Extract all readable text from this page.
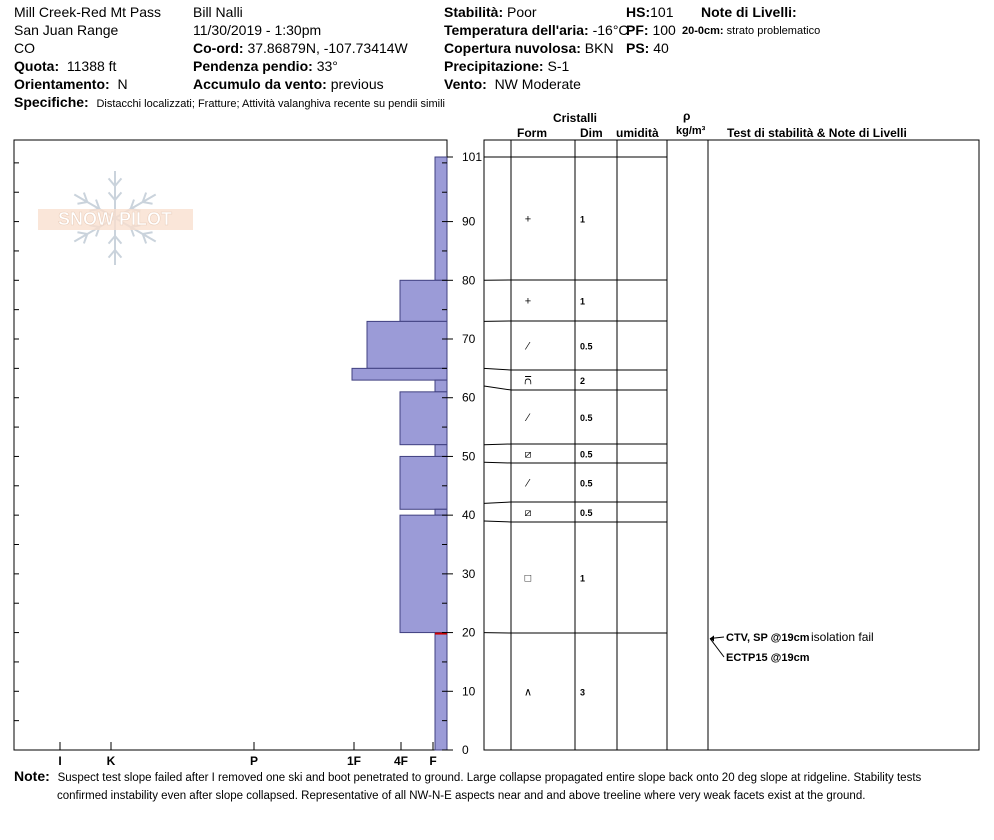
Mill Creek-Red Mt Pass
San Juan Range
CO
Quota: 11388 ft
Orientamento: N
Specifiche: Distacchi localizzati; Fratture; Attività valanghiva recente su pendii simili
Bill Nalli
11/30/2019 - 1:30pm
Co-ord: 37.86879N, -107.73414W
Pendenza pendio: 33°
Accumulo da vento: previous
Stabilità: Poor
Temperatura dell'aria: -16°C
Copertura nuvolosa: BKN
Precipitazione: S-1
Vento: NW Moderate
HS:101
PF: 100
PS: 40
Note di Livelli:
20-0cm: strato problematico
Cristalli
Form	Dim umidità
ρ
kg/m³ Test di stabilità & Note di Livelli
SNOW PILOT
I	K	P	1F	4F F
0
10
20
30
40
50
60
70
80
90
101
+	1
+	1
⁄	0.5
⩃	2
⁄	0.5
⧄	0.5
⁄	0.5
⧄	0.5
□	1
∧	3
CTV, SP @19cm isolation fail
ECTP15 @19cm
Note: Suspect test slope failed after I removed one ski and boot penetrated to ground. Large collapse propagated entire slope back onto 20 deg slope at ridgeline. Stability tests
confirmed instability even after slope collapsed. Representative of all NW-N-E aspects near and and above treeline where very weak facets exist at the ground.
